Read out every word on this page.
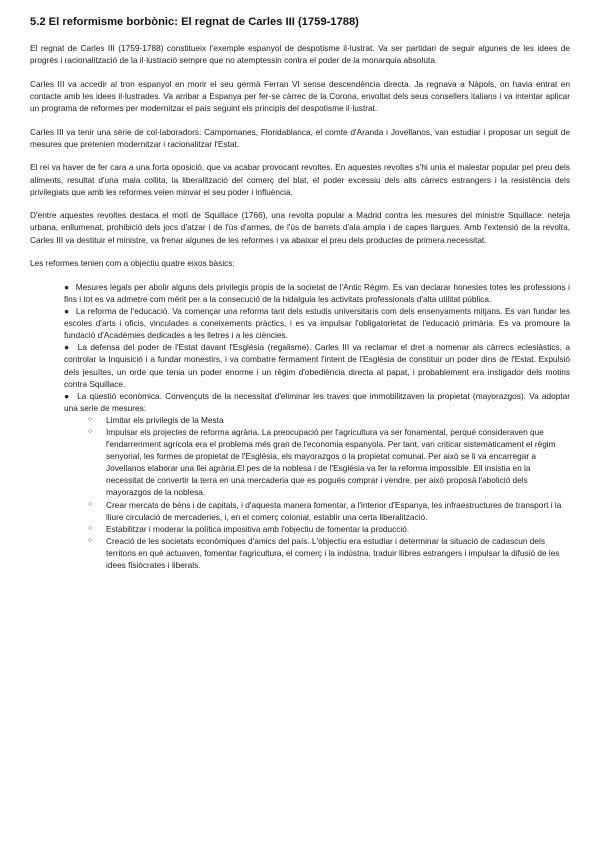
5.2 El reformisme borbònic: El regnat de Carles III (1759-1788)

El regnat de Carles III (1759-1788) constitueix l’exemple espanyol de despotisme il·lustrat. Va ser partidari de seguir algunes de les idees de progrés i racionalització de la il·lustració sempre que no atemptessin contra el poder de la monarquia absoluta.

Carles III va accedir al tron espanyol en morir el seu germà Ferran VI sense descendència directa. Ja regnava a Nàpols, on havia entrat en contacte amb les idees il·lustrades. Va arribar a Espanya per fer-se càrrec de la Corona, envoltat dels seus consellers italians i va intentar aplicar un programa de reformes per modernitzar el país seguint els principis del despotisme il·lustrat.

Carles III va tenir una sèrie de col·laboradors: Campomanes, Floridablanca, el comte d'Aranda i Jovellanos, van estudiar i proposar un seguit de mesures que pretenien modernitzar i racionalitzar l'Estat.

El rei va haver de fer cara a una forta oposició, que va acabar provocant revoltes. En aquestes revoltes s'hi unia el malestar popular pel preu dels aliments, resultat d'una mala collita, la liberalització del comerç del blat, el poder excessiu dels alts càrrecs estrangers i la resistència dels privilegiats que amb les reformes veien minvar el seu poder i influència.

D'entre aquestes revoltes destaca el motí de Squillace (1766), una revolta popular a Madrid contra les mesures del ministre Squillace: neteja urbana, enllumenat, prohibició dels jocs d'atzar i de l'ús d'armes, de l'ús de barrets d'ala ampla i de capes llargues. Amb l'extensió de la revolta, Carles III va destituir el ministre, va frenar algunes de les reformes i va abaixar el preu dels productes de primera necessitat.

Les reformes tenien com a objectiu quatre eixos bàsics:

● Mesures legals per abolir alguns dels privilegis propis de la societat de l'Antic Règim. Es van declarar honestes totes les professions i fins i tot es va admetre com mèrit per a la consecució de la hidalguia les activitats professionals d'alta utilitat pública.
● La reforma de l'educació. Va començar una reforma tant dels estudis universitaris com dels ensenyaments mitjans. Es van fundar les escoles d'arts i oficis, vinculades a coneixements pràctics, i es va impulsar l'obligatorietat de l'educació primària. Es va promoure la fundació d'Acadèmies dedicades a les lletres i a les ciències.
● La defensa del poder de l'Estat davant l'Església (regalisme). Carles III va reclamar el dret a nomenar als càrrecs eclesiàstics, a controlar la Inquisició i a fundar monestirs, i va combatre fermament l'intent de l'Església de constituir un poder dins de l'Estat. Expulsió dels jesuïtes, un orde que tenia un poder enorme i un règim d'obediència directa al papat, i probablement era instigador dels motins contra Squillace.
● La qüestió econòmica. Convençuts de la necessitat d'eliminar les traves que immobilitzaven la propietat (mayorazgos). Va adoptar una serie de mesures:
○ Limitar els privilegis de la Mesta
○ Impulsar els projectes de reforma agrària. La preocupació per l'agricultura va ser fonamental, perquè consideraven que l'endarreriment agrícola era el problema més gran de l'economia espanyola. Per tant, van criticar sistemàticament el règim senyorial, les formes de propietat de l'Església, els mayorazgos o la propietat comunal. Per això se li va encarregar a Jovellanos elaborar una llei agrària.El pes de la noblesa i de l'Església va fer la reforma impossible. Ell insistia en la necessitat de convertir la terra en una mercaderia que es pogués comprar i vendre, per això proposà l'abolició dels mayorazgos de la noblesa.
○ Crear mercats de béns i de capitals, i d'aquesta manera fomentar, a l'interior d'Espanya, les infraestructures de transport i la lliure circulació de mercaderies, i, en el comerç colonial, establir una certa liberalització.
○ Estabilitzar i moderar la política impositiva amb l'objectiu de fomentar la producció.
○ Creació de les societats econòmiques d'amics del país. L'objectiu era estudiar i determinar la situació de cadascun dels territoris en què actuaven, fomentar l'agricultura, el comerç i la indústria, traduir llibres estrangers i impulsar la difusió de les idees fisiòcrates i liberals.
